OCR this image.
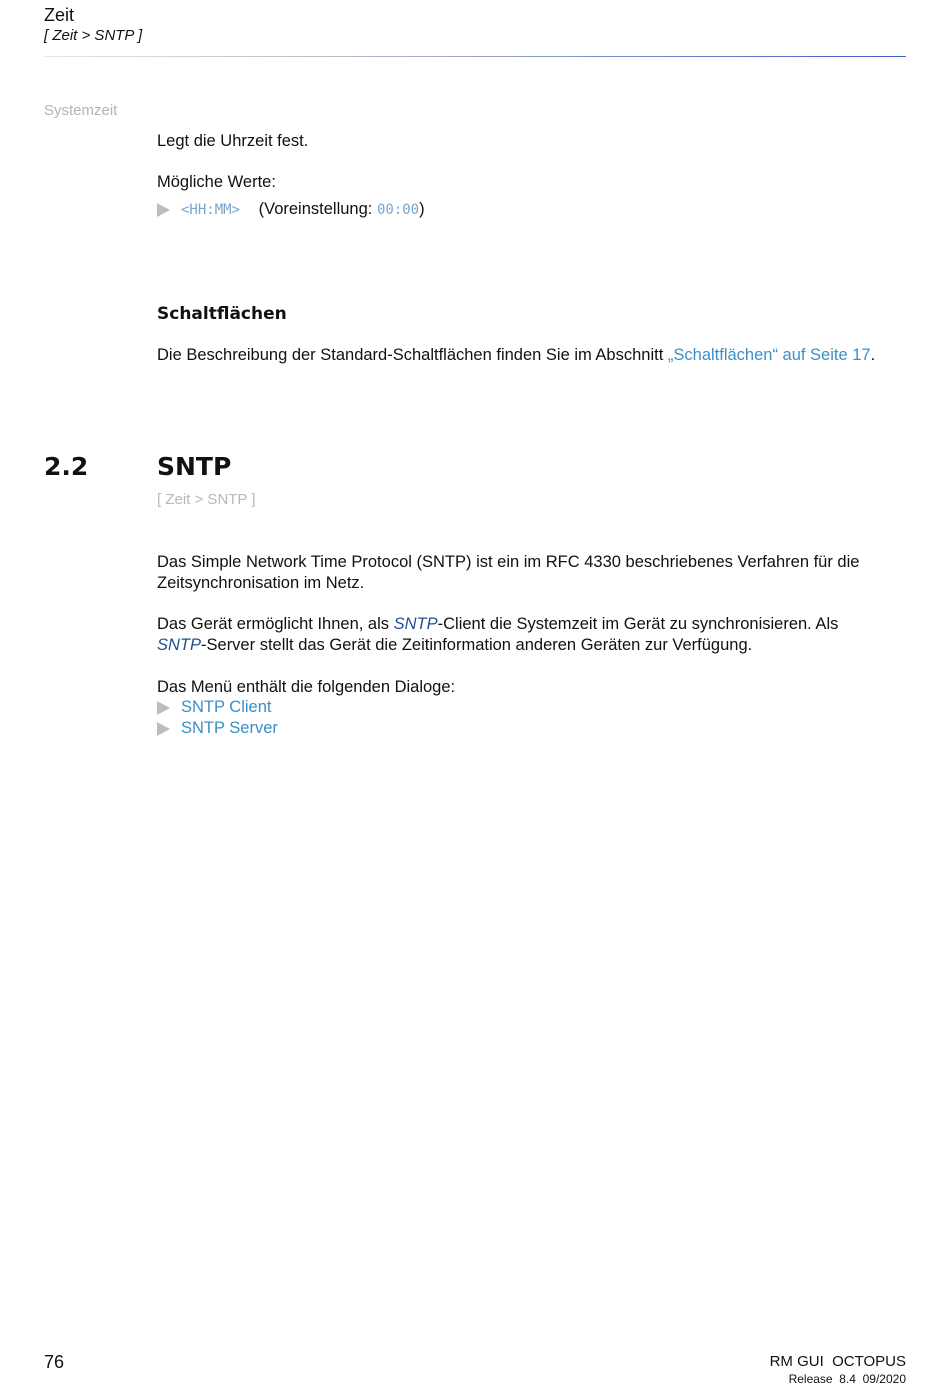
Zeit
[ Zeit > SNTP ]
Systemzeit
Legt die Uhrzeit fest.
Mögliche Werte:
<HH:MM> (Voreinstellung: 00:00)
Schaltflächen
Die Beschreibung der Standard-Schaltflächen finden Sie im Abschnitt „Schaltflächen“ auf Seite 17.
2.2	SNTP
[ Zeit > SNTP ]
Das Simple Network Time Protocol (SNTP) ist ein im RFC 4330 beschriebenes Verfahren für die
Zeitsynchronisation im Netz.
Das Gerät ermöglicht Ihnen, als SNTP-Client die Systemzeit im Gerät zu synchronisieren. Als
SNTP-Server stellt das Gerät die Zeitinformation anderen Geräten zur Verfügung.
Das Menü enthält die folgenden Dialoge:
SNTP Client
SNTP Server
76	RM GUI  OCTOPUS
Release  8.4  09/2020
